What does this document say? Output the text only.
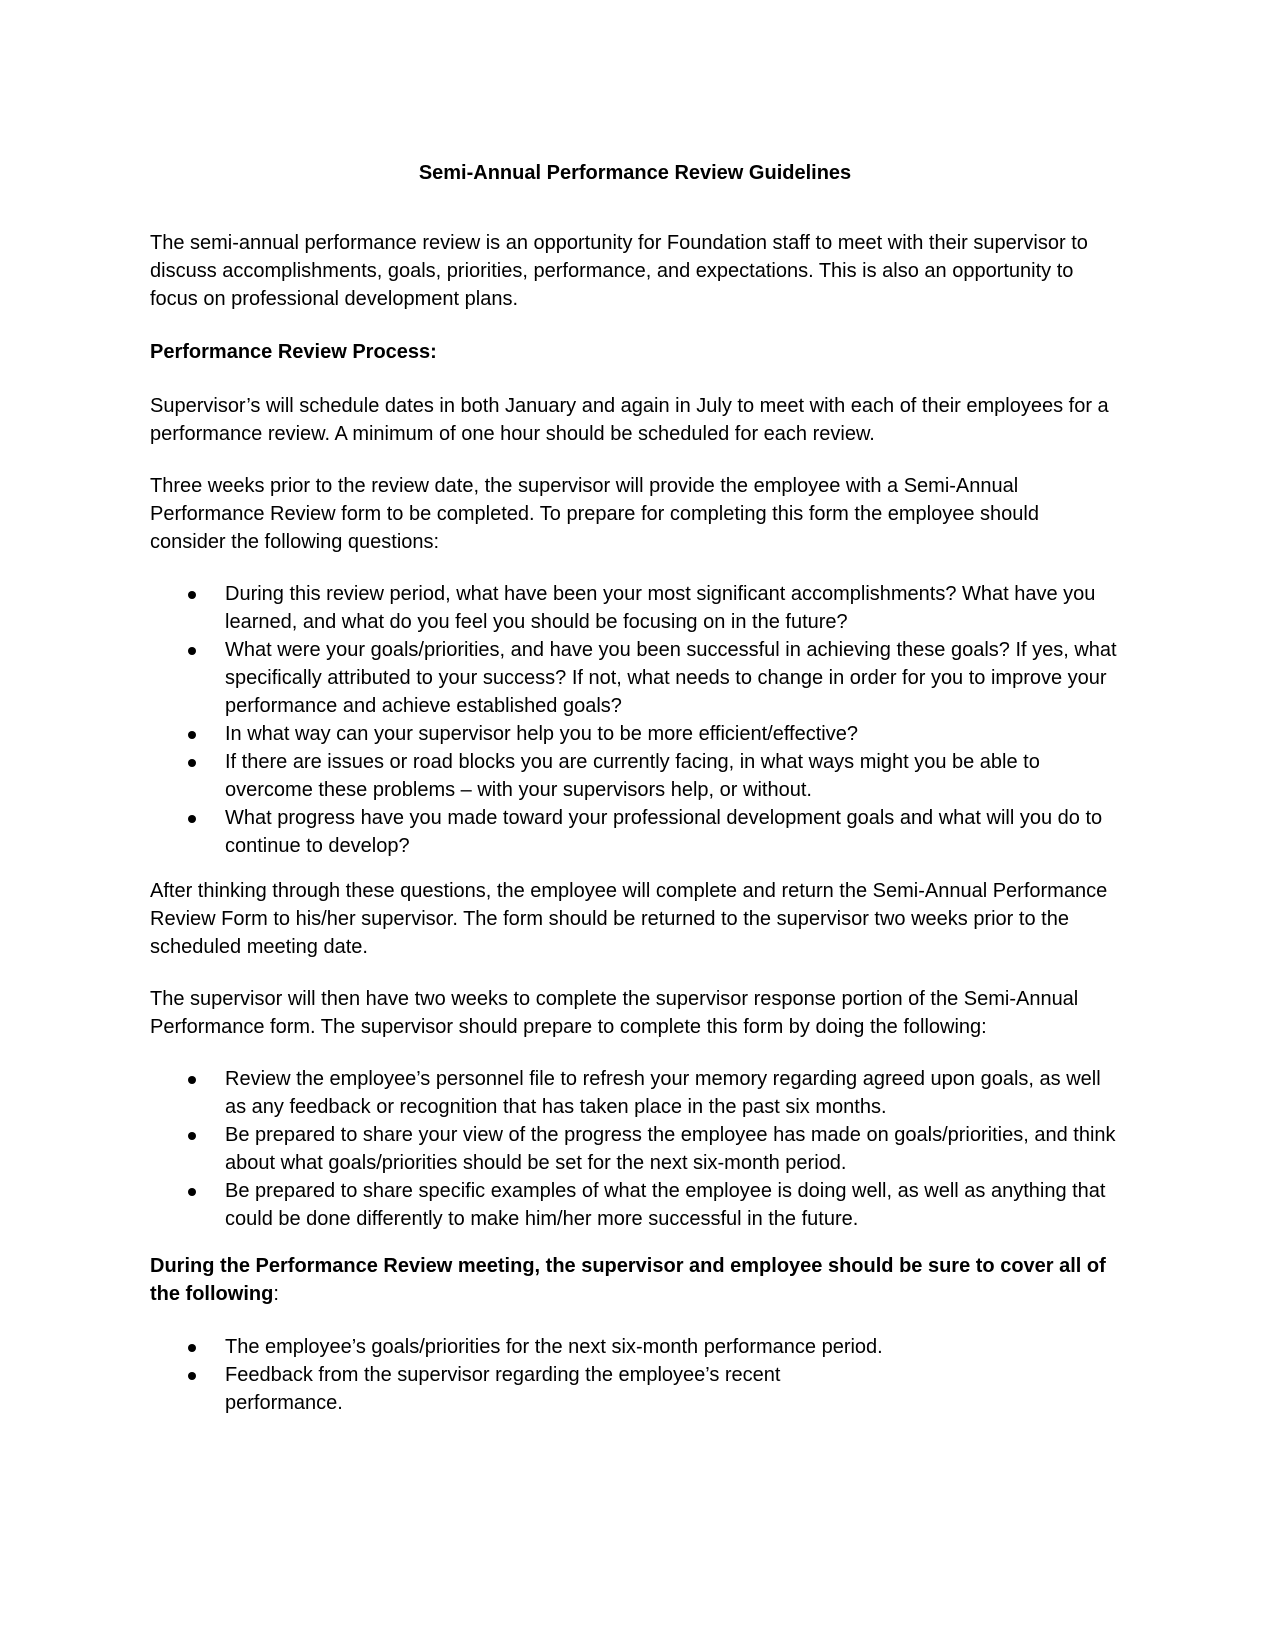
Semi-Annual Performance Review Guidelines

The semi-annual performance review is an opportunity for Foundation staff to meet with their supervisor to discuss accomplishments, goals, priorities, performance, and expectations. This is also an opportunity to focus on professional development plans.

Performance Review Process:

Supervisor’s will schedule dates in both January and again in July to meet with each of their employees for a performance review. A minimum of one hour should be scheduled for each review.

Three weeks prior to the review date, the supervisor will provide the employee with a Semi-Annual Performance Review form to be completed. To prepare for completing this form the employee should consider the following questions:

During this review period, what have been your most significant accomplishments? What have you learned, and what do you feel you should be focusing on in the future?
What were your goals/priorities, and have you been successful in achieving these goals? If yes, what specifically attributed to your success? If not, what needs to change in order for you to improve your performance and achieve established goals?
In what way can your supervisor help you to be more efficient/effective?
If there are issues or road blocks you are currently facing, in what ways might you be able to overcome these problems – with your supervisors help, or without.
What progress have you made toward your professional development goals and what will you do to continue to develop?

After thinking through these questions, the employee will complete and return the Semi-Annual Performance Review Form to his/her supervisor. The form should be returned to the supervisor two weeks prior to the scheduled meeting date.

The supervisor will then have two weeks to complete the supervisor response portion of the Semi-Annual Performance form. The supervisor should prepare to complete this form by doing the following:

Review the employee’s personnel file to refresh your memory regarding agreed upon goals, as well as any feedback or recognition that has taken place in the past six months.
Be prepared to share your view of the progress the employee has made on goals/priorities, and think about what goals/priorities should be set for the next six-month period.
Be prepared to share specific examples of what the employee is doing well, as well as anything that could be done differently to make him/her more successful in the future.

During the Performance Review meeting, the supervisor and employee should be sure to cover all of the following:

The employee’s goals/priorities for the next six-month performance period.
Feedback from the supervisor regarding the employee’s recent performance.
